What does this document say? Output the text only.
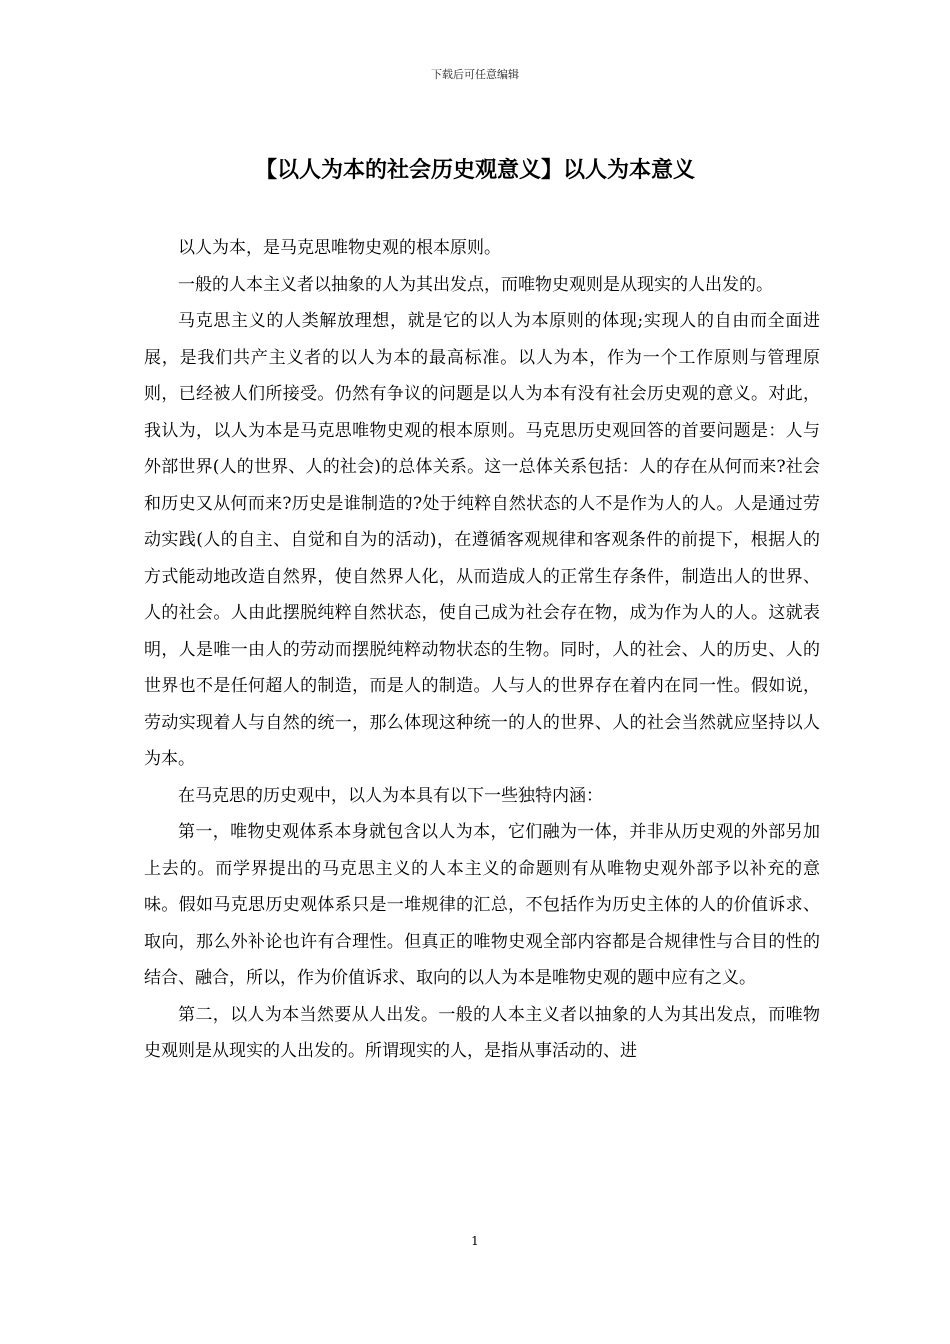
下载后可任意编辑
【以人为本的社会历史观意义】以人为本意义

以人为本，是马克思唯物史观的根本原则。

一般的人本主义者以抽象的人为其出发点，而唯物史观则是从现实的人出发的。

马克思主义的人类解放理想，就是它的以人为本原则的体现;实现人的自由而全面进展，是我们共产主义者的以人为本的最高标准。以人为本，作为一个工作原则与管理原则，已经被人们所接受。仍然有争议的问题是以人为本有没有社会历史观的意义。对此，我认为，以人为本是马克思唯物史观的根本原则。马克思历史观回答的首要问题是：人与外部世界(人的世界、人的社会)的总体关系。这一总体关系包括：人的存在从何而来?社会和历史又从何而来?历史是谁制造的?处于纯粹自然状态的人不是作为人的人。人是通过劳动实践(人的自主、自觉和自为的活动)，在遵循客观规律和客观条件的前提下，根据人的方式能动地改造自然界，使自然界人化，从而造成人的正常生存条件，制造出人的世界、人的社会。人由此摆脱纯粹自然状态，使自己成为社会存在物，成为作为人的人。这就表明，人是唯一由人的劳动而摆脱纯粹动物状态的生物。同时，人的社会、人的历史、人的世界也不是任何超人的制造，而是人的制造。人与人的世界存在着内在同一性。假如说，劳动实现着人与自然的统一，那么体现这种统一的人的世界、人的社会当然就应坚持以人为本。

在马克思的历史观中，以人为本具有以下一些独特内涵：

第一，唯物史观体系本身就包含以人为本，它们融为一体，并非从历史观的外部另加上去的。而学界提出的马克思主义的人本主义的命题则有从唯物史观外部予以补充的意味。假如马克思历史观体系只是一堆规律的汇总，不包括作为历史主体的人的价值诉求、取向，那么外补论也许有合理性。但真正的唯物史观全部内容都是合规律性与合目的性的结合、融合，所以，作为价值诉求、取向的以人为本是唯物史观的题中应有之义。

第二，以人为本当然要从人出发。一般的人本主义者以抽象的人为其出发点，而唯物史观则是从现实的人出发的。所谓现实的人，是指从事活动的、进

1
